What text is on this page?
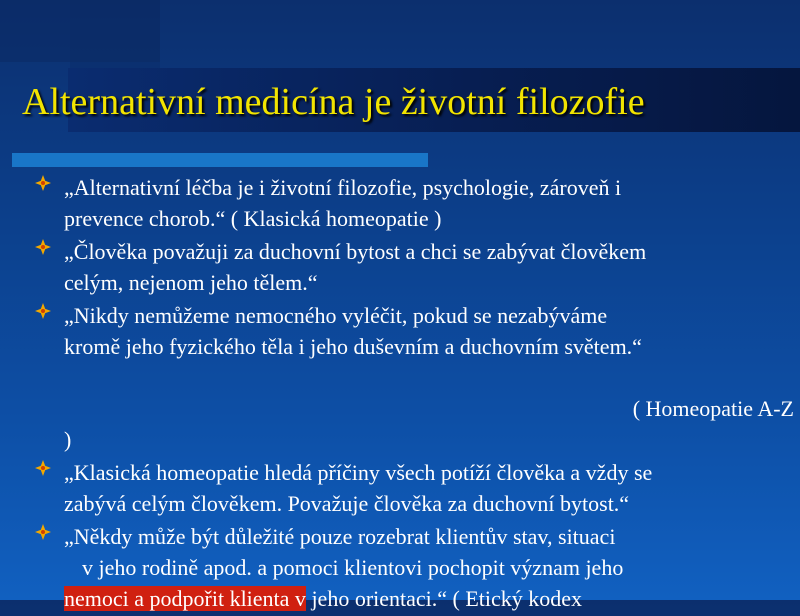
Alternativní medicína je životní filozofie

„Alternativní léčba je i životní filozofie, psychologie, zároveň i

prevence chorob.“ ( Klasická homeopatie )

„Člověka považuji za duchovní bytost a chci se zabývat člověkem

celým, nejenom jeho tělem.“

„Nikdy nemůžeme nemocného vyléčit, pokud se nezabýváme

kromě jeho fyzického těla i jeho duševním a duchovním světem.“

( Homeopatie A-Z

)

„Klasická homeopatie hledá příčiny všech potíží člověka a vždy se

zabývá celým člověkem. Považuje člověka za duchovní bytost.“

„Někdy může být důležité pouze rozebrat klientův stav, situaci

v jeho rodině apod. a pomoci klientovi pochopit význam jeho

nemoci a podpořit klienta v jeho orientaci.“ ( Etický kodex
